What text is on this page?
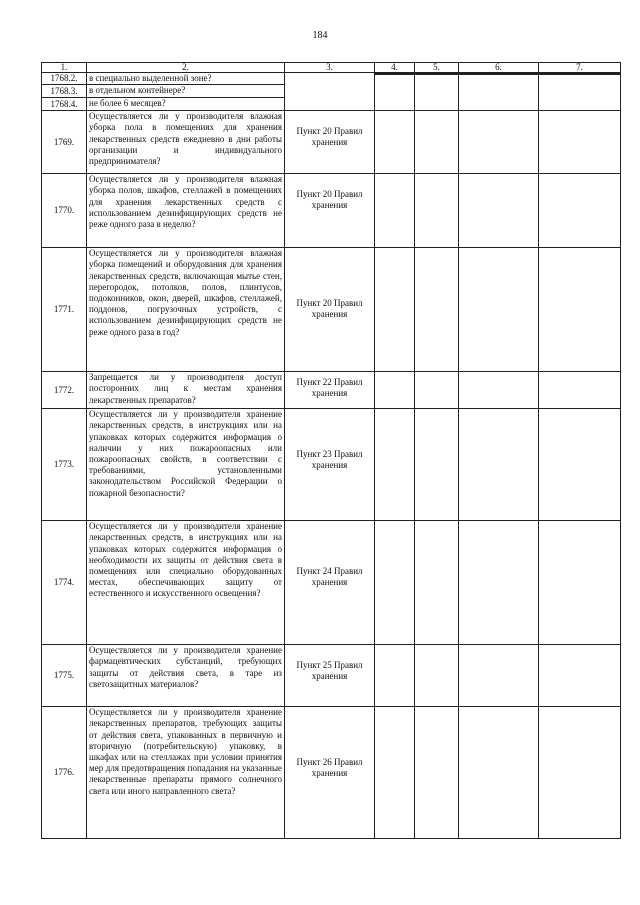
184
1.	2.	3.	4.	5.	6.	7.
1768.2.	в специально выделенной зоне?		

1768.3.	в отдельном контейнере?					
1768.4.	не более 6 месяцев?					
1769.	Осуществляется ли у производителя влажная уборка пола в помещениях для хранения лекарственных средств ежедневно в дни работы организации и индивидуального предпринимателя?	Пункт 20 Правил хранения				
1770.	Осуществляется ли у производителя влажная уборка полов, шкафов, стеллажей в помещениях для хранения лекарственных средств с использованием дезинфицирующих средств не реже одного раза в неделю?	Пункт 20 Правил хранения				
1771.	Осуществляется ли у производителя влажная уборка помещений и оборудования для хранения лекарственных средств, включающая мытье стен, перегородок, потолков, полов, плинтусов, подоконников, окон, дверей, шкафов, стеллажей, поддонов, погрузочных устройств, с использованием дезинфицирующих средств не реже одного раза в год?	Пункт 20 Правил хранения				
1772.	Запрещается ли у производителя доступ посторонних лиц к местам хранения лекарственных препаратов?	Пункт 22 Правил хранения				
1773.	Осуществляется ли у производителя хранение лекарственных средств, в инструкциях или на упаковках которых содержится информация о наличии у них пожароопасных или пожароопасных свойств, в соответствии с требованиями, установленными законодательством Российской Федерации о пожарной безопасности?	Пункт 23 Правил хранения				
1774.	Осуществляется ли у производителя хранение лекарственных средств, в инструкциях или на упаковках которых содержится информация о необходимости их защиты от действия света в помещениях или специально оборудованных местах, обеспечивающих защиту от естественного и искусственного освещения?	Пункт 24 Правил хранения				
1775.	Осуществляется ли у производителя хранение фармацевтических субстанций, требующих защиты от действия света, в таре из светозащитных материалов?	Пункт 25 Правил хранения				
1776.	Осуществляется ли у производителя хранение лекарственных препаратов, требующих защиты от действия света, упакованных в первичную и вторичную (потребительскую) упаковку, в шкафах или на стеллажах при условии принятия мер для предотвращения попадания на указанные лекарственные препараты прямого солнечного света или иного направленного света?	Пункт 26 Правил хранения				
